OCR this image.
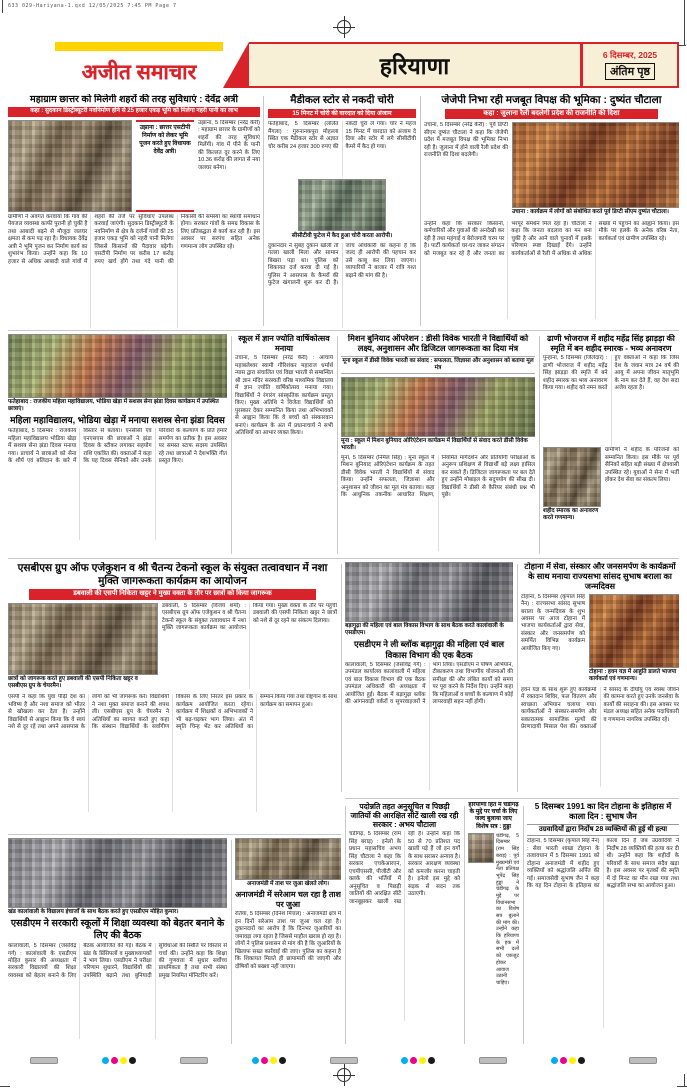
633 029-Hariyana-1.qxd 12/05/2025 7:45 PM Page 7
अजीत समाचार	हरियाणा	6 दिसम्बर, 2025
अंतिम पृष्ठ
महाग्राम छात्तर को मिलेगी शहरों की तरह सुविधाएं : देवेंद्र अत्री
कहा : सुदकान डिस्ट्रीब्यूटरी नवनिर्माण होने से 25 हजार एकड़ भूमि को मिलेगा नहरी पानी का लाभ
उझाना : छात्तर एसटीपी निर्माण को लेकर भूमि पूजन करते हुए विधायक देवेंद्र अत्री।
उझाना, 5 दिसम्बर (नरेंद्र केरी) : महाग्राम छात्तर के ग्रामीणों को शहरों की तरह सुविधाएं मिलेंगी। गांव में पीने के पानी की किल्लत दूर करने के लिए 10.36 करोड़ की लागत से नया जलघर बनेगा।
ग्रामीणों ने अवगत करवाया कि गांव की पेयजल व्यवस्था काफी पुरानी हो चुकी है तथा आबादी बढ़ने से मौजूदा जलघर क्षमता से कम पड़ रहा है। विधायक देवेंद्र अत्री ने भूमि पूजन कर निर्माण कार्य का शुभारंभ किया। उन्होंने कहा कि 10 हजार से अधिक आबादी वाले गांवों में शहरों की तर्ज पर सुविधाएं उपलब्ध करवाई जाएंगी। सुदकान डिस्ट्रीब्यूटरी के नवनिर्माण से क्षेत्र के दर्जनों गांवों की 25 हजार एकड़ भूमि को नहरी पानी मिलेगा जिससे किसानों की पैदावार बढ़ेगी। एसटीपी निर्माण पर करीब 17 करोड़ रुपए खर्च होंगे तथा गंदे पानी की निकासी की समस्या का स्थायी समाधान होगा। सरकार गांवों के समग्र विकास के लिए प्रतिबद्धता से कार्य कर रही है। इस अवसर पर सरपंच सहित अनेक गणमान्य लोग उपस्थित रहे।
मैडीकल स्टोर से नकदी चोरी
15 मिनट में चोरी की वारदात को दिया अंजाम
फतेहाबाद, 5 दिसम्बर (ललित मैंगला) : गुरुनानकपुरा मोहल्ला स्थित एक मैडीकल स्टोर से अज्ञात चोर करीब 24 हजार 300 रुपए की नकदी चुरा ले गया। चोर ने महज 15 मिनट में वारदात को अंजाम दे दिया और स्टोर में लगे सीसीटीवी कैमरे में कैद हो गया।
सीसीटीवी फुटेज में कैद हुआ चोरी करता आरोपी।
दुकानदार ने सुबह दुकान खोली तो गल्ला खाली मिला और सामान बिखरा पड़ा था। पुलिस को शिकायत दर्ज करवा दी गई है। पुलिस ने आसपास के कैमरों की फुटेज खंगालनी शुरू कर दी है। जांच अधिकारी का कहना है कि जल्द ही आरोपी की पहचान कर उसे काबू कर लिया जाएगा। व्यापारियों ने बाजार में रात्रि गश्त बढ़ाने की मांग की है।
जेजेपी निभा रही मजबूत विपक्ष की भूमिका : दुष्यंत चौटाला
कहा : जुलाना रैली बदलेगी प्रदेश की राजनीति की दिशा
उचाना, 5 दिसम्बर (नरेंद्र केरी) : पूर्व डिप्टी सीएम दुष्यंत चौटाला ने कहा कि जेजेपी प्रदेश में मजबूत विपक्ष की भूमिका निभा रही है। जुलाना में होने वाली रैली प्रदेश की राजनीति की दिशा बदलेगी।
उचाना : कार्यक्रम में लोगों को संबोधित करते पूर्व डिप्टी सीएम दुष्यंत चौटाला।
उन्होंने कहा कि सरकार किसानों, कर्मचारियों और युवाओं की अनदेखी कर रही है तथा महंगाई व बेरोजगारी चरम पर है। पार्टी कार्यकर्ता घर-घर जाकर संगठन को मजबूत कर रहे हैं और जनता का भरपूर समर्थन मिल रहा है। चौटाला ने कहा कि जनता बदलाव का मन बना चुकी है और आने वाले चुनावों में इसके परिणाम स्पष्ट दिखाई देंगे। उन्होंने कार्यकर्ताओं से रैली में अधिक से अधिक संख्या में पहुंचने का आह्वान किया। इस मौके पर हलके के अनेक वरिष्ठ नेता, कार्यकर्ता एवं ग्रामीण उपस्थित रहे।
फतेहाबाद : राजकीय महिला महाविद्यालय, भोडिया खेड़ा में सशस्त्र सेना झंडा दिवस कार्यक्रम में उपस्थित छात्राएं।
महिला महाविद्यालय, भोडिया खेड़ा में मनाया सशस्त्र सेना झंडा दिवस
फतेहाबाद, 5 दिसम्बर : राजकीय महिला महाविद्यालय भोडिया खेड़ा में सशस्त्र सेना झंडा दिवस मनाया गया। प्राचार्य ने छात्राओं को सेना के शौर्य एवं बलिदान के बारे में विस्तार से बताया। एनसीसी एवं एनएसएस की छात्राओं ने झंडा दिवस के स्टीकर लगाकर सहयोग राशि एकत्रित की। वक्ताओं ने कहा कि यह दिवस सैनिकों और उनके परिवारों के कल्याण के प्रति हमारे समर्पण का प्रतीक है। इस अवसर पर समस्त स्टाफ सदस्य उपस्थित रहे तथा छात्राओं ने देशभक्ति गीत प्रस्तुत किए।
स्कूल में ज्ञान ज्योति वार्षिकोत्सव मनाया
उचाना, 5 दिसम्बर (नरेंद्र केरी) : आचार्य महाबलेश्वर स्वामी गौरिशंकर महाराज धर्मार्थ न्यास द्वारा संचालित एवं विद्या भारती से सम्बन्धित श्री ज्ञान मंदिर सरस्वती वरिष्ठ माध्यमिक विद्यालय में ज्ञान ज्योति वार्षिकोत्सव मनाया गया। विद्यार्थियों ने रंगारंग सांस्कृतिक कार्यक्रम प्रस्तुत किए। मुख्य अतिथि ने विजेता विद्यार्थियों को पुरस्कार देकर सम्मानित किया तथा अभिभावकों से आह्वान किया कि वे बच्चों को संस्कारवान बनाएं। कार्यक्रम के अंत में प्रधानाचार्य ने सभी अतिथियों का आभार व्यक्त किया।
मिशन बुनियाद ऑपरेशन : डीसी विवेक भारती ने विद्यार्थियों को लक्ष्य, अनुशासन और डिजिटल जागरूकता का दिया मंत्र
मूना स्कूल में डीसी विवेक भारती का संवाद : सफलता, जिज्ञासा और अनुशासन को बताया मूल मंत्र
मूना : स्कूल में मिशन बुनियाद ओरिएंटेशन कार्यक्रम में विद्यार्थियों से संवाद करते डीसी विवेक भारती।
मूना, 5 दिसम्बर (निर्मल सिंह) : मूना स्कूल में मिशन बुनियाद ओरिएंटेशन कार्यक्रम के तहत डीसी विवेक भारती ने विद्यार्थियों से संवाद किया। उन्होंने सफलता, जिज्ञासा और अनुशासन को जीवन का मूल मंत्र बताया। कहा कि आधुनिक तकनीक आधारित शिक्षण, नियमित मार्गदर्शन और प्रतियोगी परीक्षाओं के अनुरूप प्रशिक्षण से विद्यार्थी बड़े लक्ष्य हासिल कर सकते हैं। डिजिटल जागरूकता पर बल देते हुए उन्होंने मोबाइल के सदुपयोग की सीख दी। विद्यार्थियों ने डीसी से कैरियर संबंधी प्रश्न भी पूछे।
ढाणी भोजराज में शहीद महेंद्र सिंह झाड़ड़ा की स्मृति में बन शहीद स्मारक - भव्य अनावरण
पुन्हाना, 5 दिसम्बर (जिलेदार) : ढाणी भोजराज में शहीद महेंद्र सिंह झाड़ड़ा की स्मृति में बने शहीद स्मारक का भव्य अनावरण किया गया। शहीद को नमन करते हुए वक्ताओं ने कहा कि जिस देश के जवान मात्र 24 वर्ष की आयु में अपना जीवन मातृभूमि के नाम कर देते हैं, वह देश सदा अजेय रहता है।
शहीद स्मारक का अनावरण करते गणमान्य।
ग्रामीणों ने शहीद के परिजनों को सम्मानित किया। इस मौके पर पूर्व सैनिकों सहित बड़ी संख्या में क्षेत्रवासी उपस्थित रहे। युवाओं ने सेना में भर्ती होकर देश सेवा का संकल्प लिया।
एसबीएस ग्रुप ऑफ एजेकुशन व श्री चैतन्य टेकनो स्कूल के संयुक्त तत्वावधान में नशा मुक्ति जागरूकता कार्यक्रम का आयोजन
डबवाली की एसपी निकिता खट्टर ने मुख्य वक्ता के तौर पर छात्रों को किया जागरूक
छात्रों को जागरूक करते हुए डबवाली की एसपी निकिता खट्टर व एसबीएस ग्रुप के चेयरमैन।
डबवाली, 5 दिसम्बर (विजय शर्मा) : एसबीएस ग्रुप ऑफ एजेकुशन व श्री चैतन्य टेकनो स्कूल के संयुक्त तत्वावधान में नशा मुक्ति जागरूकता कार्यक्रम का आयोजन किया गया। मुख्य वक्ता के तौर पर पहुंचीं डबवाली की एसपी निकिता खट्टर ने छात्रों को नशे से दूर रहने का संकल्प दिलाया।
एसपी ने कहा कि युवा पीढ़ी देश का भविष्य है और नशा समाज को भीतर से खोखला कर देता है। उन्होंने विद्यार्थियों से आह्वान किया कि वे स्वयं नशे से दूर रहें तथा अपने आसपास के लोगों को भी जागरूक करें। विद्यार्थियों ने नशा मुक्त समाज बनाने की शपथ ली। एसबीएस ग्रुप के चेयरमैन ने अतिथियों का स्वागत करते हुए कहा कि संस्थान विद्यार्थियों के सर्वांगीण विकास के लिए निरंतर इस प्रकार के कार्यक्रम आयोजित करता रहेगा। कार्यक्रम में शिक्षकों व अभिभावकों ने भी बढ़-चढ़कर भाग लिया। अंत में स्मृति चिन्ह भेंट कर अतिथियों का सम्मान किया गया तथा राष्ट्रगान के साथ कार्यक्रम का समापन हुआ।
बड़ागुढ़ा की महिला एवं बाल विकास विभाग के साथ बैठक करते कालांवाली के एसडीएम।
एसडीएम ने ली ब्लॉक बड़ागुढ़ा की महिला एवं बाल विकास विभाग की एक बैठक
कालांवाली, 5 दिसम्बर (जसविंद्र गर्ग) : उपमंडल कार्यालय कालांवाली में महिला एवं बाल विकास विभाग की एक बैठक उपमंडल अधिकारी की अध्यक्षता में आयोजित हुई। बैठक में बड़ागुढ़ा ब्लॉक की आंगनवाड़ी वर्करों व सुपरवाइजरों ने भाग लिया। एसडीएम ने पोषण अभियान, टीकाकरण तथा विभागीय योजनाओं की समीक्षा की और लंबित कार्यों को समय पर पूरा करने के निर्देश दिए। उन्होंने कहा कि महिलाओं व बच्चों के कल्याण में कोई लापरवाही सहन नहीं होगी।
टोहाना में सेवा, संस्कार और जनसमर्पण के कार्यक्रमों के साथ मनाया राज्यसभा सांसद सुभाष बराला का जन्मदिवस
टोहाना, 5 दिसम्बर (कृपाल सिंह नैन) : राज्यसभा सांसद सुभाष बराला के जन्मदिवस के शुभ अवसर पर आज टोहाना में भाजपा कार्यकर्ताओं द्वारा सेवा, संस्कार और जनसमर्पण को समर्पित विभिन्न कार्यक्रम आयोजित किए गए।
टोहाना : हवन यज्ञ में आहुति डालते भाजपा कार्यकर्ता एवं गणमान्य।
हवन यज्ञ के साथ शुरू हुए कार्यक्रमों में रक्तदान शिविर, फल वितरण और स्वच्छता अभियान चलाया गया। कार्यकर्ताओं ने संस्कार-समर्पण और सकारात्मक सामाजिक मूल्यों की प्रेरणादायी मिसाल पेश की। वक्ताओं ने सांसद के दीर्घायु एवं स्वस्थ जीवन की कामना करते हुए उनके जनसेवा के कार्यों की सराहना की। इस अवसर पर मंडल अध्यक्ष सहित अनेक पदाधिकारी व गणमान्य नागरिक उपस्थित रहे।
खंड कालांवाली के विद्यालय इंचार्जों के साथ बैठक करते हुए एसडीएम मोहित कुमार।
एसडीएम ने सरकारी स्कूलों में शिक्षा व्यवस्था को बेहतर बनाने के लिए की बैठक
कालांवाली, 5 दिसम्बर (जसविंद्र गर्ग) : कालांवाली के एसडीएम मोहित कुमार की अध्यक्षता में सरकारी विद्यालयों की शिक्षा व्यवस्था को बेहतर बनाने के लिए बैठक आयोजित की गई। बैठक में खंड के प्रिंसिपलों व मुख्याध्यापकों ने भाग लिया। एसडीएम ने परीक्षा परिणाम सुधारने, विद्यार्थियों की उपस्थिति बढ़ाने तथा बुनियादी सुविधाओं की स्थिति पर विस्तार से चर्चा की। उन्होंने कहा कि शिक्षा की गुणवत्ता में सुधार सर्वोच्च प्राथमिकता है तथा सभी संस्था प्रमुख नियमित मॉनिटरिंग करें।
अनाजमंडी में ताश पर जुआ खेलते लोग।
अनाजमंडी में सरेआम चल रहा है ताश पर जुआ
रतिया, 5 दिसम्बर (दिनेश मित्तल) : अनाजमंडी क्षेत्र में इन दिनों सरेआम ताश पर जुआ चल रहा है। दुकानदारों का आरोप है कि दिनभर जुआरियों का जमावड़ा लगा रहता है जिससे माहौल खराब हो रहा है। लोगों ने पुलिस प्रशासन से मांग की है कि जुआरियों के खिलाफ सख्त कार्रवाई की जाए। पुलिस का कहना है कि शिकायत मिलते ही छापामारी की जाएगी और दोषियों को बख्शा नहीं जाएगा।
पदोन्नति तहत अनुसूचित व पिछड़ी जातियों की आरक्षित सीटें खाली रख रही सरकार : अभय चौटाला
चंडीगढ़, 5 दिसम्बर (राम सिंह बराड़) : इनेलो के प्रधान महासचिव अभय सिंह चौटाला ने कहा कि सरकार एचकेआरएन, एचपीएससी, पीजीटी और क्लर्क की भर्तियों में अनुसूचित व पिछड़ी जातियों की आरक्षित सीटें जानबूझकर खाली रख रही है। उन्होंने कहा कि 50 से 70 प्रतिशत पद खाली पड़े हैं जो इन वर्गों के साथ सरासर अन्याय है। सरकार आरक्षण व्यवस्था को कमजोर करना चाहती है। इनेलो इस मुद्दे को सड़क से सदन तक उठाएगी।
हरियाणा हित में चंडीगढ़ के मुद्दे पर चर्चा के लिए जल्द बुलाया जाए विशेष सत्र : हुड्डा
चंडीगढ़, 5 दिसम्बर (राम सिंह बराड़) : पूर्व मुख्यमंत्री एवं नेता प्रतिपक्ष भूपेंद्र सिंह हुड्डा ने चंडीगढ़ के मुद्दे पर विधानसभा का विशेष सत्र बुलाने की मांग की। उन्होंने कहा कि हरियाणा के हक में सभी दलों को एकजुट होकर आवाज उठानी चाहिए।
5 दिसम्बर 1991 का दिन टोहाना के इतिहास में काला दिन : सुभाष जैन
उग्रवादियों द्वारा निर्दोष 28 व्यक्तियों की हुई थी हत्या
टोहाना, 5 दिसम्बर (कृपाल सिंह नैन) : सेवा भारती शाखा टोहाना के तत्वावधान में 5 दिसम्बर 1991 को टोहाना अनाजमंडी में शहीद हुए व्यक्तियों को श्रद्धांजलि अर्पित की गई। समाजसेवी सुभाष जैन ने कहा कि यह दिन टोहाना के इतिहास का काला दिन है जब उग्रवादियों ने निर्दोष 28 व्यक्तियों की हत्या कर दी थी। उन्होंने कहा कि शहीदों के परिवारों के साथ समाज सदैव खड़ा है। इस अवसर पर मृतकों की स्मृति में दो मिनट का मौन रखा गया तथा श्रद्धांजलि सभा का आयोजन हुआ।
